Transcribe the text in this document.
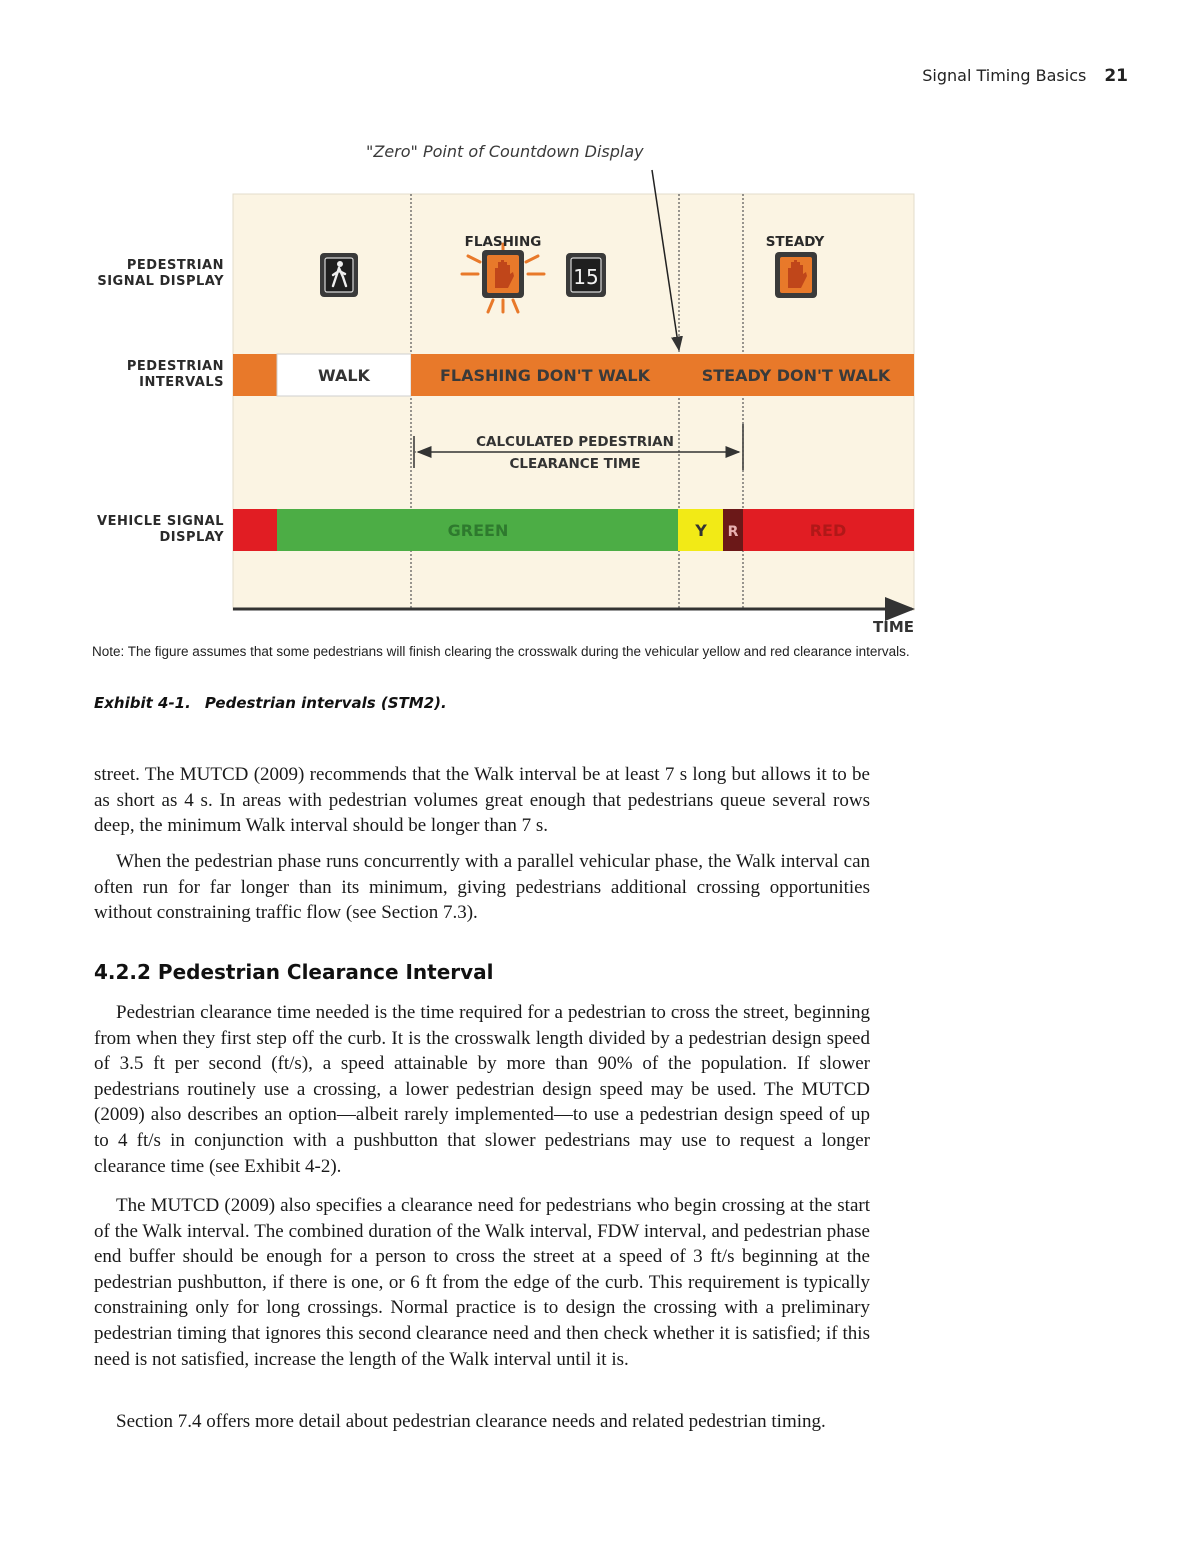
Signal Timing Basics 21
15
FLASHING	STEADY
WALK	FLASHING DON'T WALK	STEADY DON'T WALK
CALCULATED PEDESTRIAN
CLEARANCE TIME
GREEN	Y R	RED
TIME
"Zero" Point of Countdown Display
PEDESTRIAN
SIGNAL DISPLAY
PEDESTRIAN
INTERVALS
VEHICLE SIGNAL
DISPLAY
Note: The figure assumes that some pedestrians will finish clearing the crosswalk during the vehicular yellow and red clearance intervals.
Exhibit 4-1. Pedestrian intervals (STM2).

street. The MUTCD (2009) recommends that the Walk interval be at least 7 s long but allows it to be as short as 4 s. In areas with pedestrian volumes great enough that pedestrians queue several rows deep, the minimum Walk interval should be longer than 7 s.

When the pedestrian phase runs concurrently with a parallel vehicular phase, the Walk interval can often run for far longer than its minimum, giving pedestrians additional crossing opportunities without constraining traffic flow (see Section 7.3).

4.2.2 Pedestrian Clearance Interval

Pedestrian clearance time needed is the time required for a pedestrian to cross the street, beginning from when they first step off the curb. It is the crosswalk length divided by a pedestrian design speed of 3.5 ft per second (ft/s), a speed attainable by more than 90% of the population. If slower pedestrians routinely use a crossing, a lower pedestrian design speed may be used. The MUTCD (2009) also describes an option—albeit rarely implemented—to use a pedestrian design speed of up to 4 ft/s in conjunction with a pushbutton that slower pedestrians may use to request a longer clearance time (see Exhibit 4-2).

The MUTCD (2009) also specifies a clearance need for pedestrians who begin crossing at the start of the Walk interval. The combined duration of the Walk interval, FDW interval, and pedestrian phase end buffer should be enough for a person to cross the street at a speed of 3 ft/s beginning at the pedestrian pushbutton, if there is one, or 6 ft from the edge of the curb. This requirement is typically constraining only for long crossings. Normal practice is to design the crossing with a preliminary pedestrian timing that ignores this second clearance need and then check whether it is satisfied; if this need is not satisfied, increase the length of the Walk interval until it is.

Section 7.4 offers more detail about pedestrian clearance needs and related pedestrian timing.
